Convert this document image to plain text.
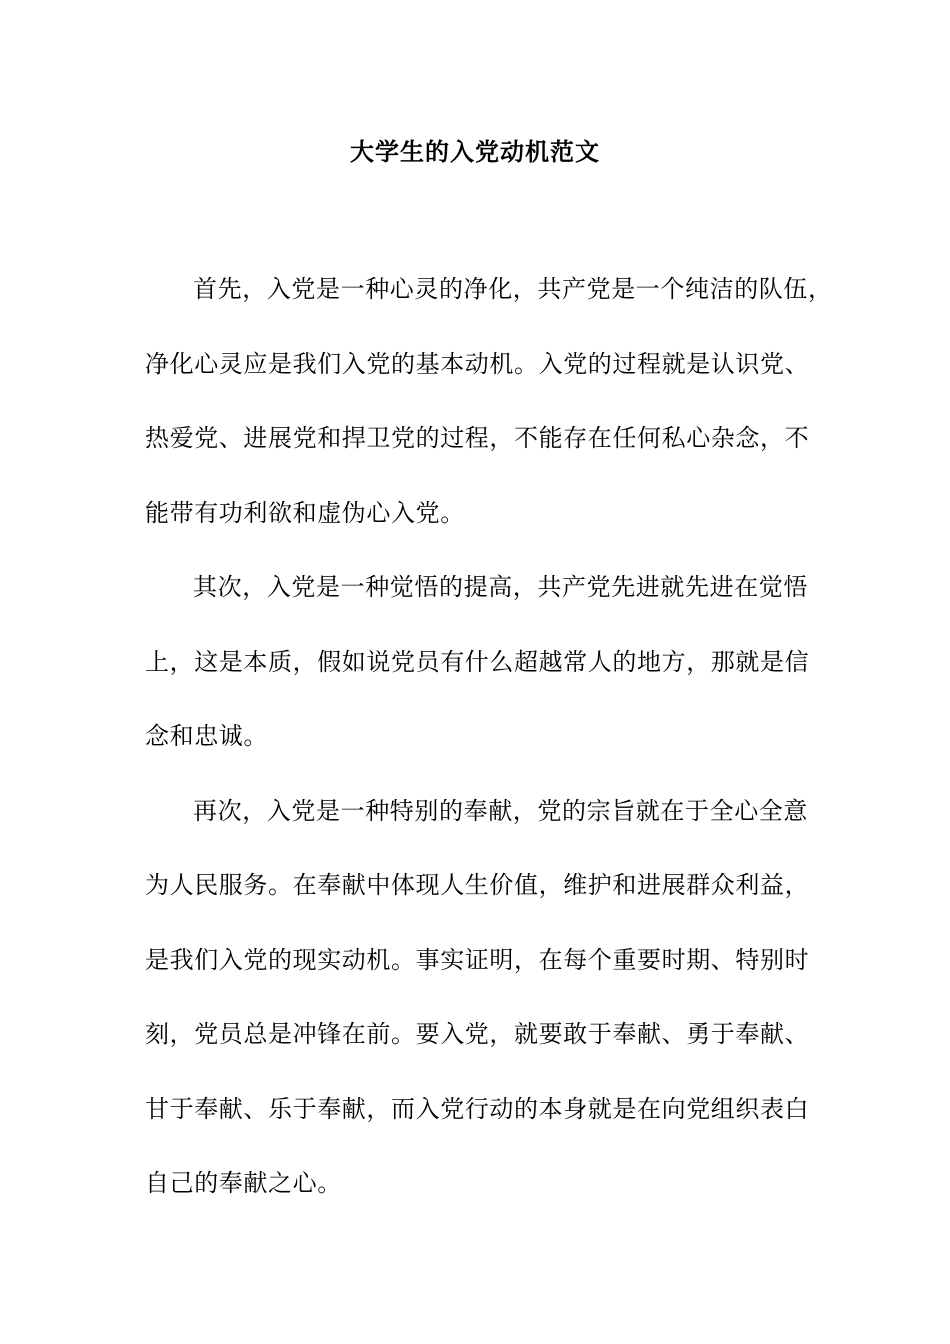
大学生的入党动机范文
首先，入党是一种心灵的净化，共产党是一个纯洁的队伍，
净化心灵应是我们入党的基本动机。入党的过程就是认识党、
热爱党、进展党和捍卫党的过程，不能存在任何私心杂念，不
能带有功利欲和虚伪心入党。
其次，入党是一种觉悟的提高，共产党先进就先进在觉悟
上，这是本质，假如说党员有什么超越常人的地方，那就是信
念和忠诚。
再次，入党是一种特别的奉献，党的宗旨就在于全心全意
为人民服务。在奉献中体现人生价值，维护和进展群众利益，
是我们入党的现实动机。事实证明，在每个重要时期、特别时
刻，党员总是冲锋在前。要入党，就要敢于奉献、勇于奉献、
甘于奉献、乐于奉献，而入党行动的本身就是在向党组织表白
自己的奉献之心。
